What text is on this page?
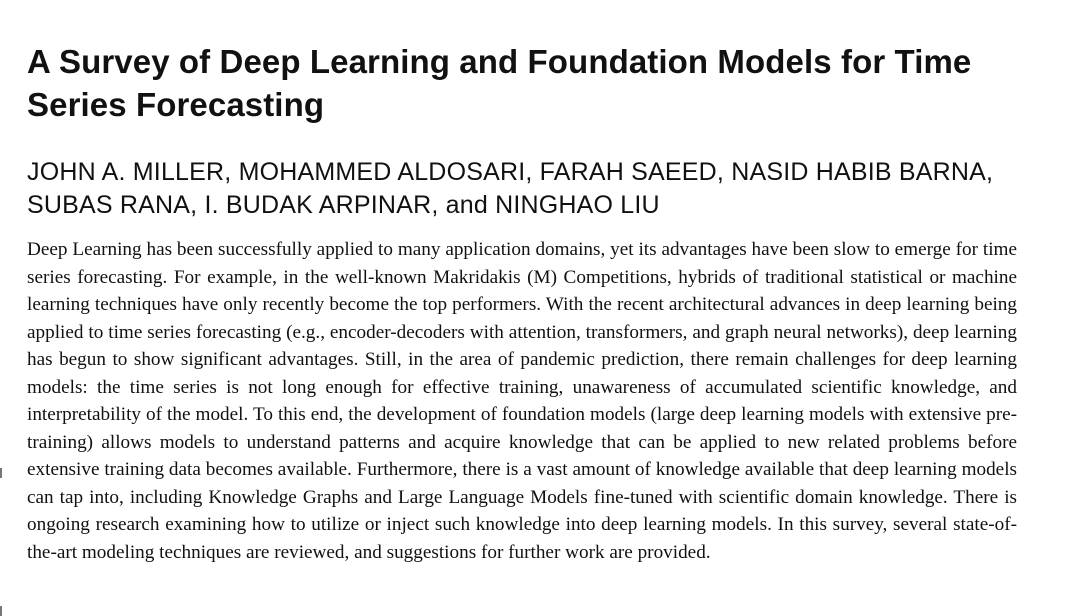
A Survey of Deep Learning and Foundation Models for Time Series Forecasting

JOHN A. MILLER, MOHAMMED ALDOSARI, FARAH SAEED, NASID HABIB BARNA, SUBAS RANA, I. BUDAK ARPINAR, and NINGHAO LIU

Deep Learning has been successfully applied to many application domains, yet its advantages have been slow to emerge for time series forecasting. For example, in the well-known Makridakis (M) Competitions, hybrids of traditional statistical or machine learning techniques have only recently become the top performers. With the recent architectural advances in deep learning being applied to time series forecasting (e.g., encoder-decoders with attention, transformers, and graph neural networks), deep learning has begun to show significant advantages. Still, in the area of pandemic prediction, there remain challenges for deep learning models: the time series is not long enough for effective training, unawareness of accumulated scientific knowledge, and interpretability of the model. To this end, the development of foundation models (large deep learning models with extensive pre-training) allows models to understand patterns and acquire knowledge that can be applied to new related problems before extensive training data becomes available. Furthermore, there is a vast amount of knowledge available that deep learning models can tap into, including Knowledge Graphs and Large Language Models fine-tuned with scientific domain knowledge. There is ongoing research examining how to utilize or inject such knowledge into deep learning models. In this survey, several state-of-the-art modeling techniques are reviewed, and suggestions for further work are provided.
